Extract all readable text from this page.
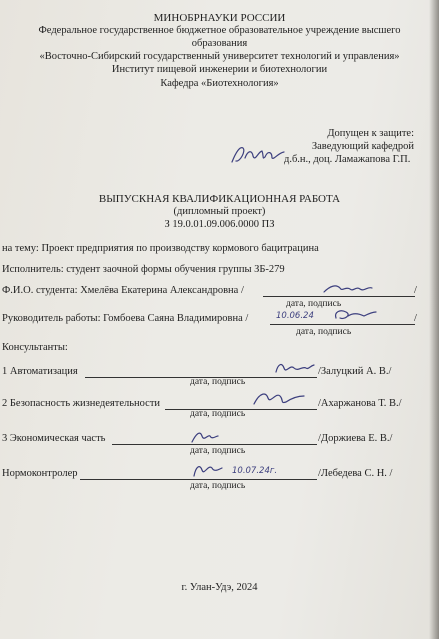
МИНОБРНАУКИ РОССИИ
Федеральное государственное бюджетное образовательное учреждение высшего
образования
«Восточно-Сибирский государственный университет технологий и управления»
Институт пищевой инженерии и биотехнологии
Кафедра «Биотехнология»
Допущен к защите:
Заведующий кафедрой
д.б.н., доц. Ламажапова Г.П.
ВЫПУСКНАЯ КВАЛИФИКАЦИОННАЯ РАБОТА
(дипломный проект)
З 19.0.01.09.006.0000 ПЗ
на тему: Проект предприятия по производству кормового бацитрацина
Исполнитель: студент заочной формы обучения группы ЗБ-279
Ф.И.О. студента: Хмелёва Екатерина Александровна /	/
дата, подпись
Руководитель работы: Гомбоева Саяна Владимировна /	/
10.06.24
дата, подпись
Консультанты:
1 Автоматизация	/Залуцкий А. В./
дата, подпись
2 Безопасность жизнедеятельности	/Ахаржанова Т. В./
дата, подпись
3 Экономическая часть	/Доржиева Е. В./
дата, подпись
Нормоконтролер	/Лебедева С. Н. /
10.07.24г.
дата, подпись
г. Улан-Удэ, 2024
